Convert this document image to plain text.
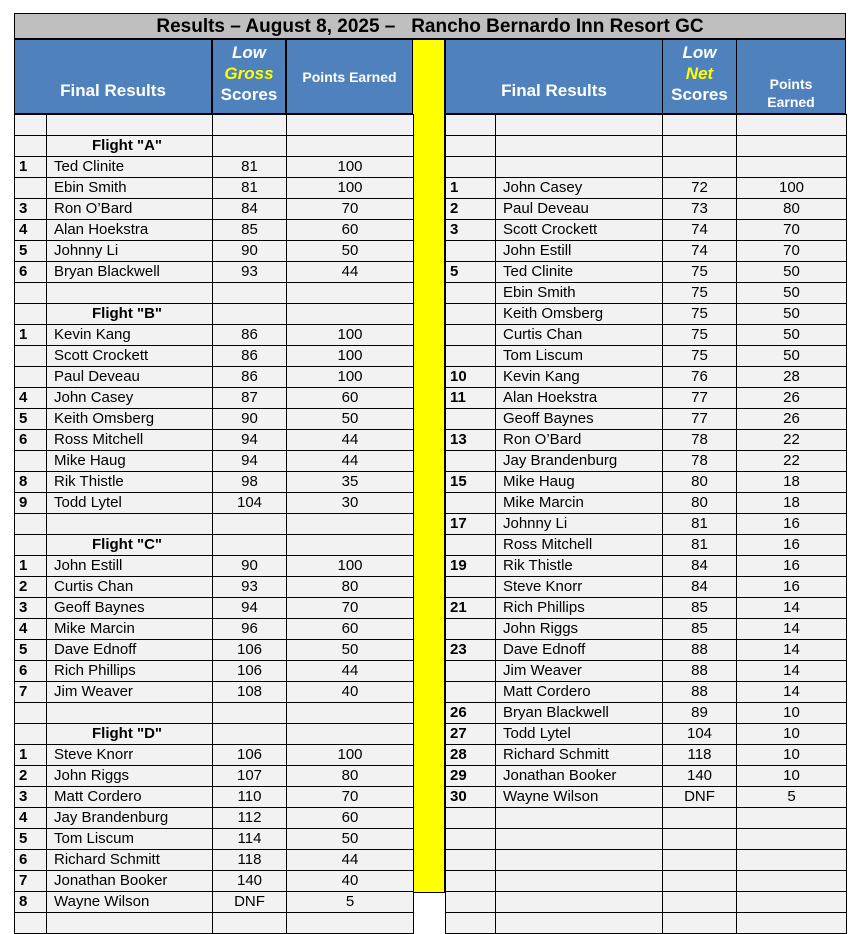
Results – August 8, 2025 –   Rancho Bernardo Inn Resort GC
Final Results
Low
Gross
Scores
Points Earned
Final Results
Low
Net
Scores
Points
Earned

	Flight "A"		
1	Ted Clinite	81	100
	Ebin Smith	81	100
3	Ron O’Bard	84	70
4	Alan Hoekstra	85	60
5	Johnny Li	90	50
6	Bryan Blackwell	93	44

	Flight "B"		
1	Kevin Kang	86	100
	Scott Crockett	86	100
	Paul Deveau	86	100
4	John Casey	87	60
5	Keith Omsberg	90	50
6	Ross Mitchell	94	44
	Mike Haug	94	44
8	Rik Thistle	98	35
9	Todd Lytel	104	30

	Flight "C"		
1	John Estill	90	100
2	Curtis Chan	93	80
3	Geoff Baynes	94	70
4	Mike Marcin	96	60
5	Dave Ednoff	106	50
6	Rich Phillips	106	44
7	Jim Weaver	108	40

	Flight "D"		
1	Steve Knorr	106	100
2	John Riggs	107	80
3	Matt Cordero	110	70
4	Jay Brandenburg	112	60
5	Tom Liscum	114	50
6	Richard Schmitt	118	44
7	Jonathan Booker	140	40
8	Wayne Wilson	DNF	5

1	John Casey	72	100
2	Paul Deveau	73	80
3	Scott Crockett	74	70
	John Estill	74	70
5	Ted Clinite	75	50
	Ebin Smith	75	50
	Keith Omsberg	75	50
	Curtis Chan	75	50
	Tom Liscum	75	50
10	Kevin Kang	76	28
11	Alan Hoekstra	77	26
	Geoff Baynes	77	26
13	Ron O’Bard	78	22
	Jay Brandenburg	78	22
15	Mike Haug	80	18
	Mike Marcin	80	18
17	Johnny Li	81	16
	Ross Mitchell	81	16
19	Rik Thistle	84	16
	Steve Knorr	84	16
21	Rich Phillips	85	14
	John Riggs	85	14
23	Dave Ednoff	88	14
	Jim Weaver	88	14
	Matt Cordero	88	14
26	Bryan Blackwell	89	10
27	Todd Lytel	104	10
28	Richard Schmitt	118	10
29	Jonathan Booker	140	10
30	Wayne Wilson	DNF	5
